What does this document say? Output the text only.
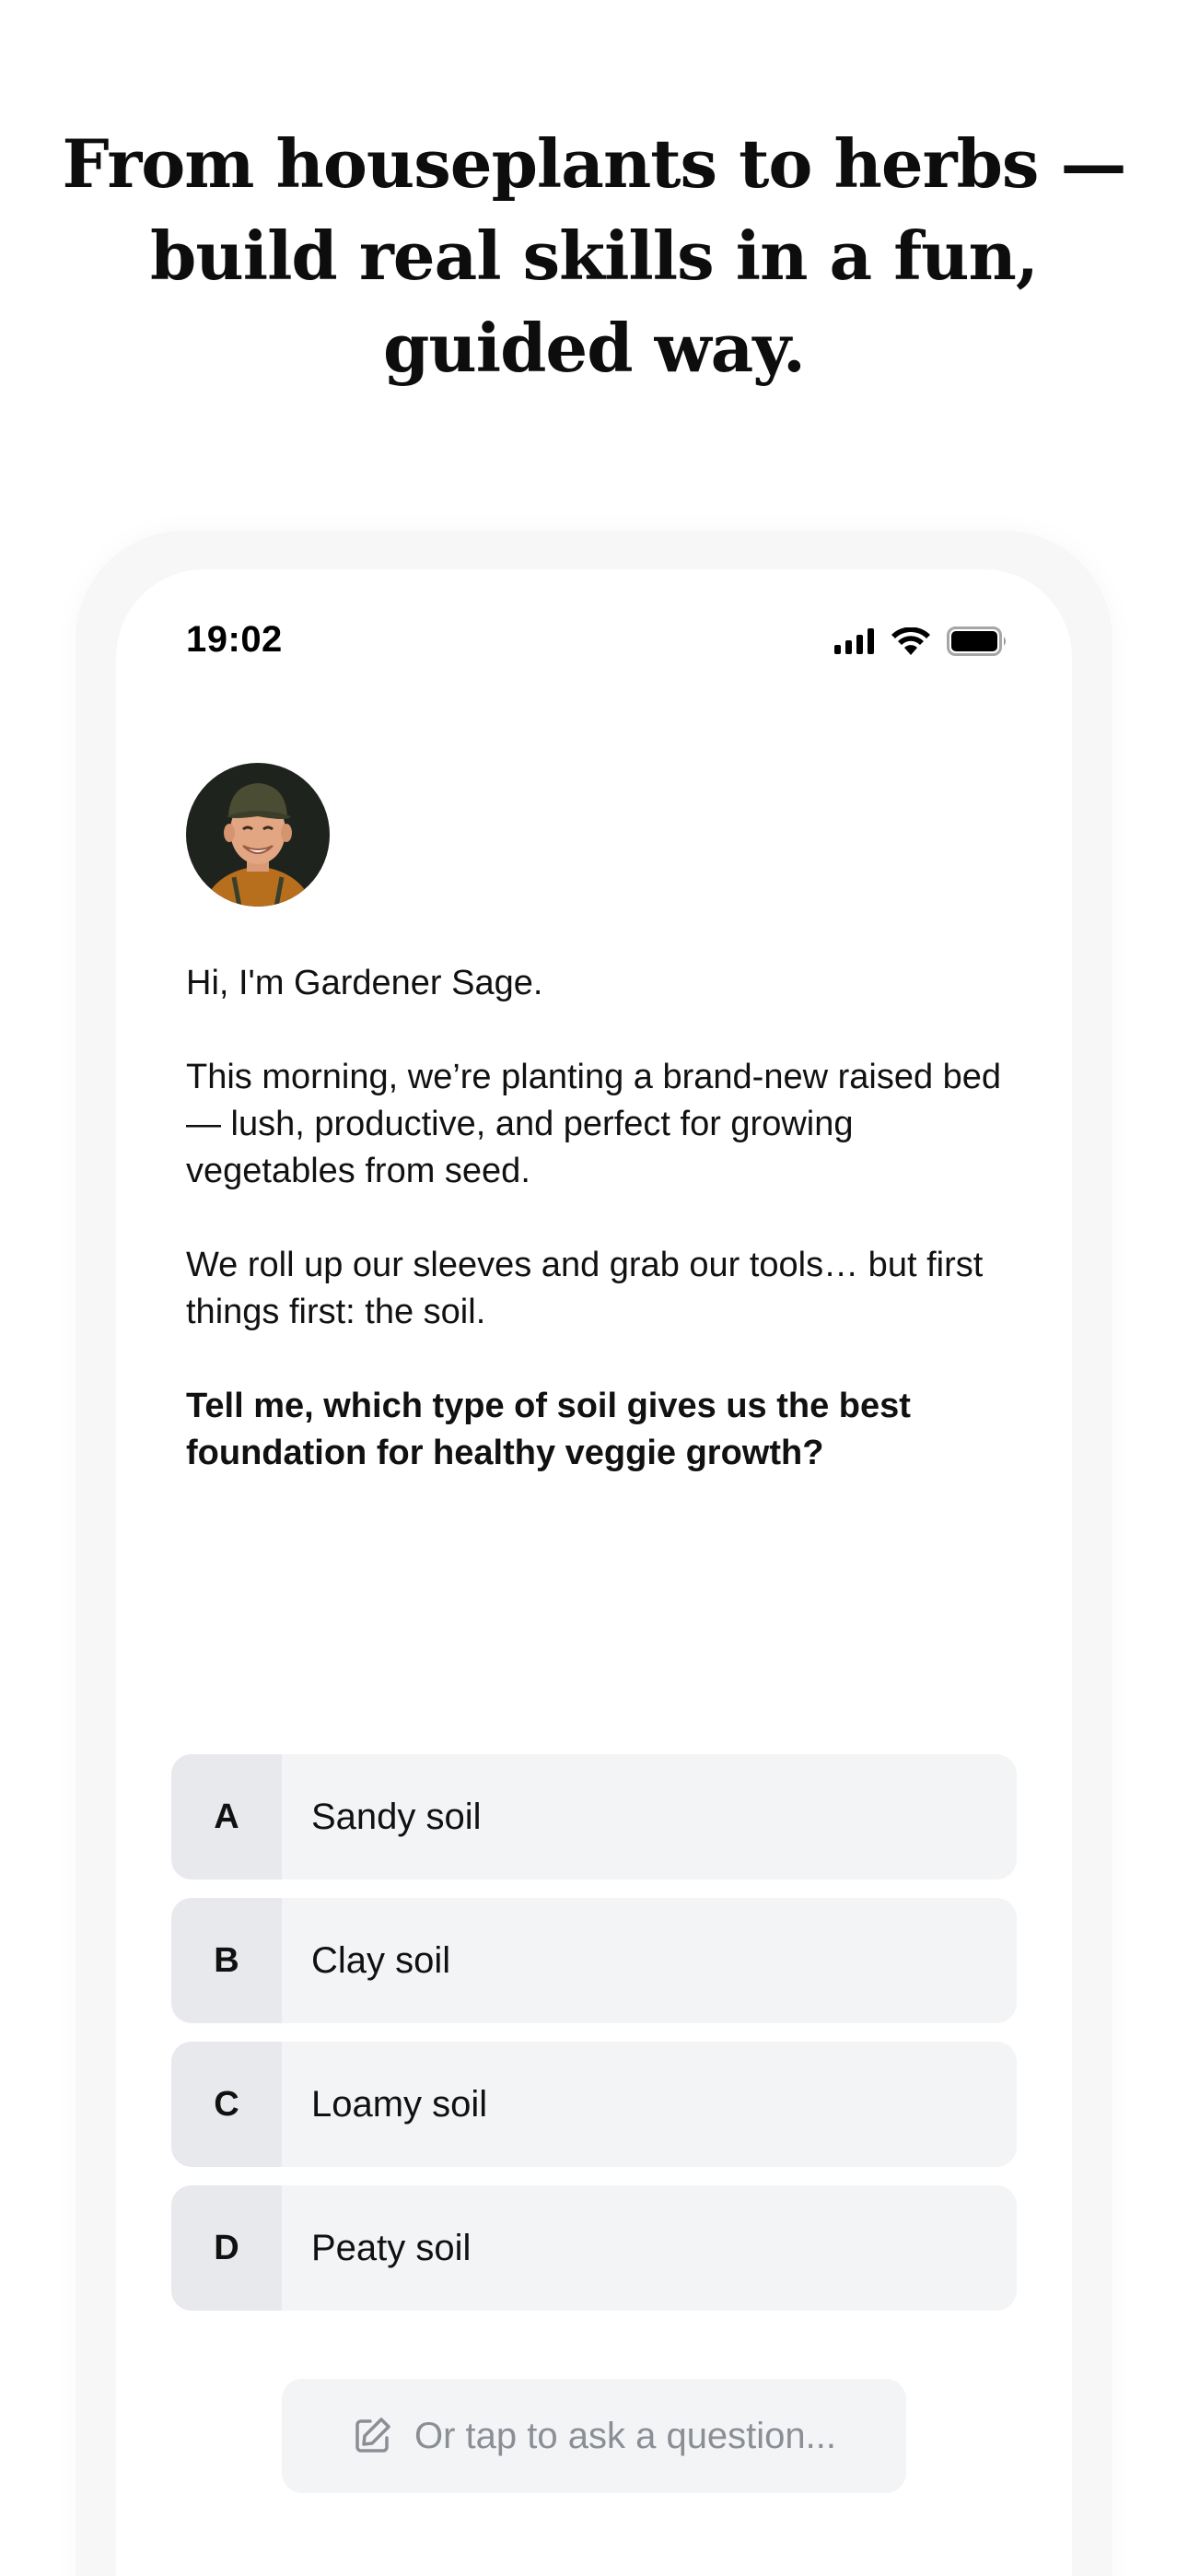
From houseplants to herbs —
build real skills in a fun,
guided way.
19:02

Hi, I'm Gardener Sage.

This morning, we’re planting a brand-new raised bed — lush, productive, and perfect for growing vegetables from seed.

We roll up our sleeves and grab our tools… but first things first: the soil.

Tell me, which type of soil gives us the best foundation for healthy veggie growth?

A	Sandy soil
B	Clay soil
C	Loamy soil
D	Peaty soil
Or tap to ask a question...
